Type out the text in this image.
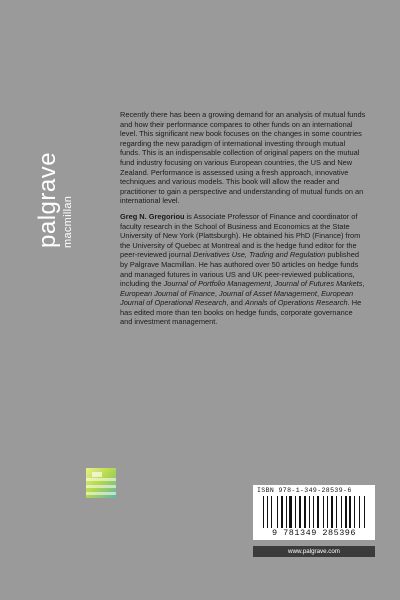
palgrave macmillan

Recently there has been a growing demand for an analysis of mutual funds and how their performance compares to other funds on an international level. This significant new book focuses on the changes in some countries regarding the new paradigm of international investing through mutual funds. This is an indispensable collection of original papers on the mutual fund industry focusing on various European countries, the US and New Zealand. Performance is assessed using a fresh approach, innovative techniques and various models. This book will allow the reader and practitioner to gain a perspective and understanding of mutual funds on an international level.

Greg N. Gregoriou is Associate Professor of Finance and coordinator of faculty research in the School of Business and Economics at the State University of New York (Plattsburgh). He obtained his PhD (Finance) from the University of Quebec at Montreal and is the hedge fund editor for the peer-reviewed journal Derivatives Use, Trading and Regulation published by Palgrave Macmillan. He has authored over 50 articles on hedge funds and managed futures in various US and UK peer-reviewed publications, including the Journal of Portfolio Management, Journal of Futures Markets, European Journal of Finance, Journal of Asset Management, European Journal of Operational Research, and Annals of Operations Research. He has edited more than ten books on hedge funds, corporate governance and investment management.

ISBN 978-1-349-28539-6
9 781349 285396
www.palgrave.com
